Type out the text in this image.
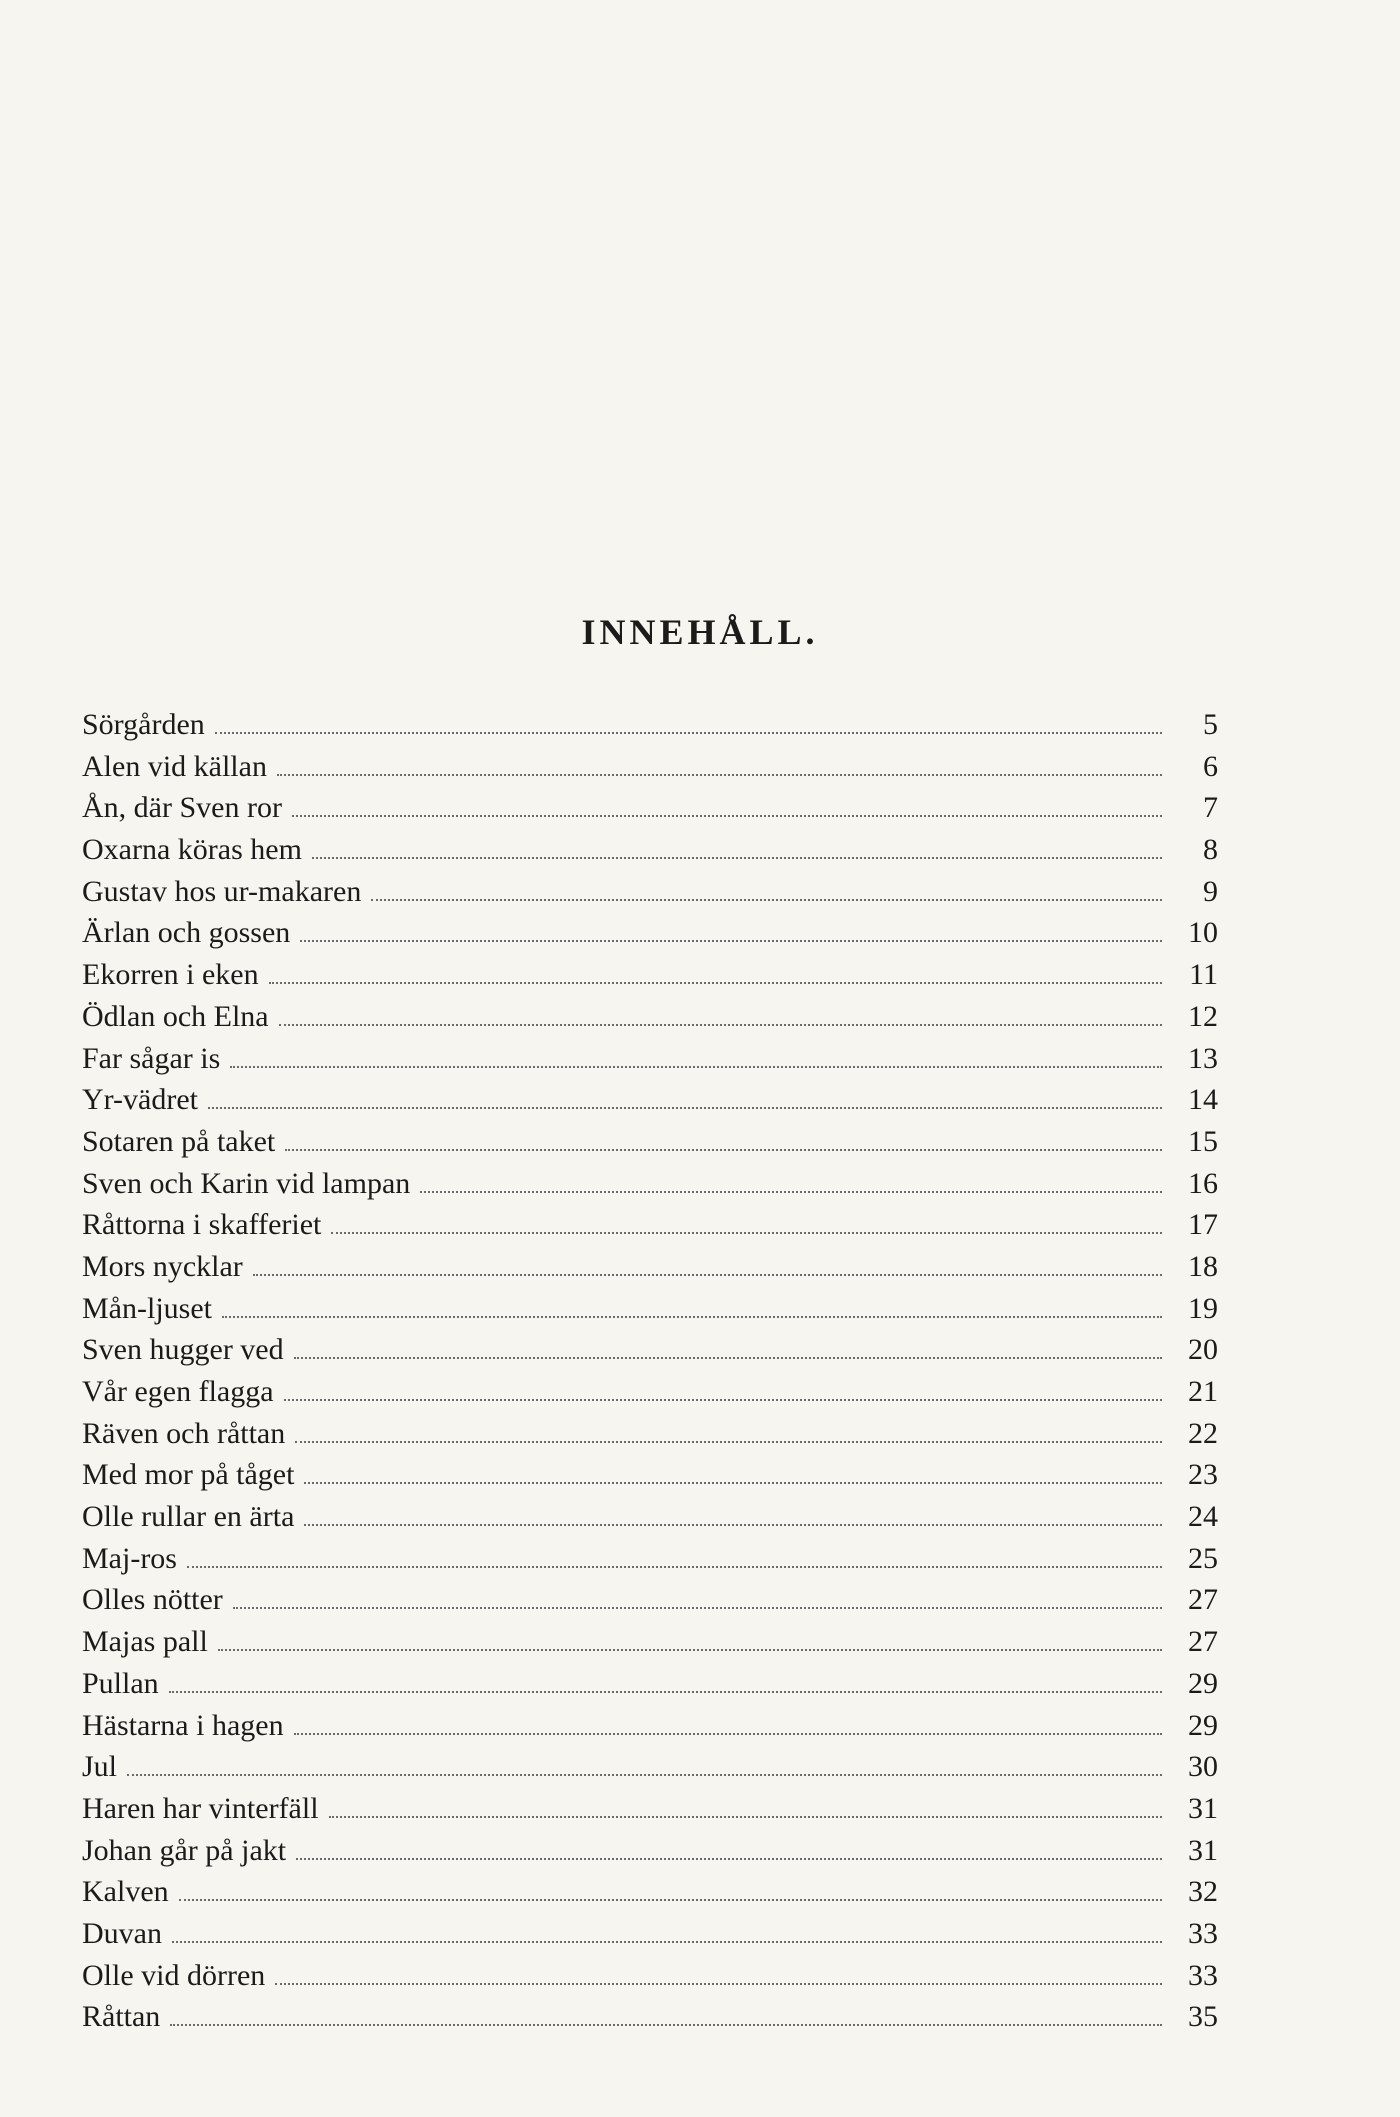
INNEHÅLL.
Sörgården	5
Alen vid källan	6
Ån, där Sven ror	7
Oxarna köras hem	8
Gustav hos ur-makaren	9
Ärlan och gossen	10
Ekorren i eken	11
Ödlan och Elna	12
Far sågar is	13
Yr-vädret	14
Sotaren på taket	15
Sven och Karin vid lampan	16
Råttorna i skafferiet	17
Mors nycklar	18
Mån-ljuset	19
Sven hugger ved	20
Vår egen flagga	21
Räven och råttan	22
Med mor på tåget	23
Olle rullar en ärta	24
Maj-ros	25
Olles nötter	27
Majas pall	27
Pullan	29
Hästarna i hagen	29
Jul	30
Haren har vinterfäll	31
Johan går på jakt	31
Kalven	32
Duvan	33
Olle vid dörren	33
Råttan	35
